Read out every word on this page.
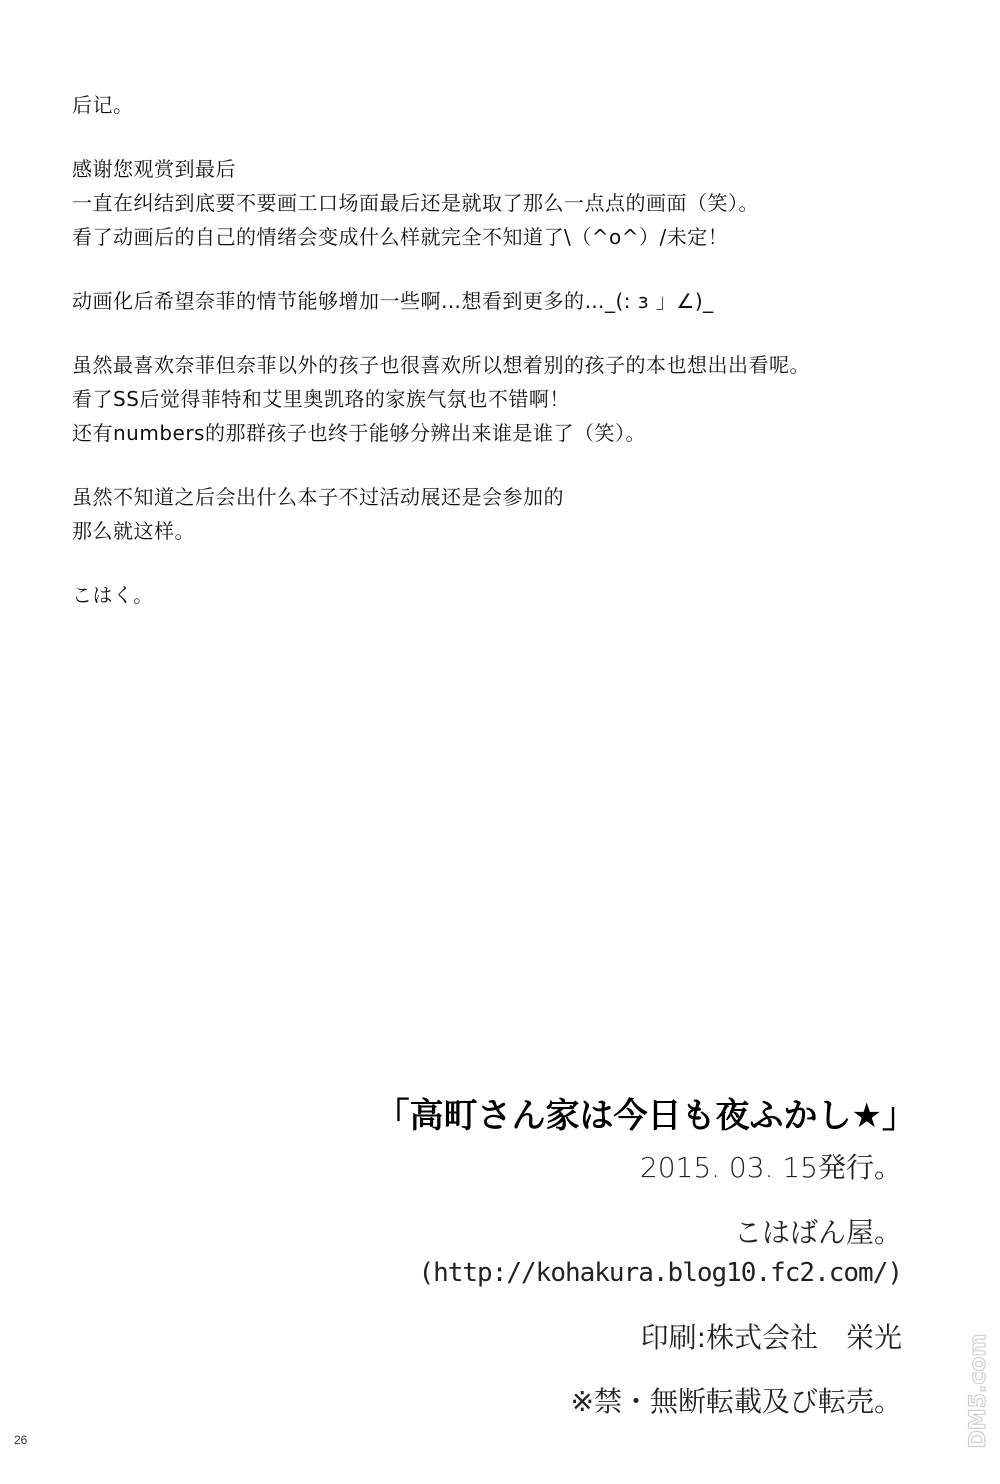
后记。
感谢您观赏到最后
一直在纠结到底要不要画工口场面最后还是就取了那么一点点的画面（笑）。
看了动画后的自己的情绪会变成什么样就完全不知道了\（^o^）/未定！
动画化后希望奈菲的情节能够增加一些啊…想看到更多的…_(: з 」∠)_
虽然最喜欢奈菲但奈菲以外的孩子也很喜欢所以想着别的孩子的本也想出出看呢。
看了SS后觉得菲特和艾里奥凯珞的家族气氛也不错啊！
还有numbers的那群孩子也终于能够分辨出来谁是谁了（笑）。
虽然不知道之后会出什么本子不过活动展还是会参加的
那么就这样。
こはく。
「高町さん家は今日も夜ふかし★」
2015. 03. 15発行。
こはばん屋。
(http://kohakura.blog10.fc2.com/)
印刷:株式会社　栄光
※禁・無断転載及び転売。
26	DM5.com
